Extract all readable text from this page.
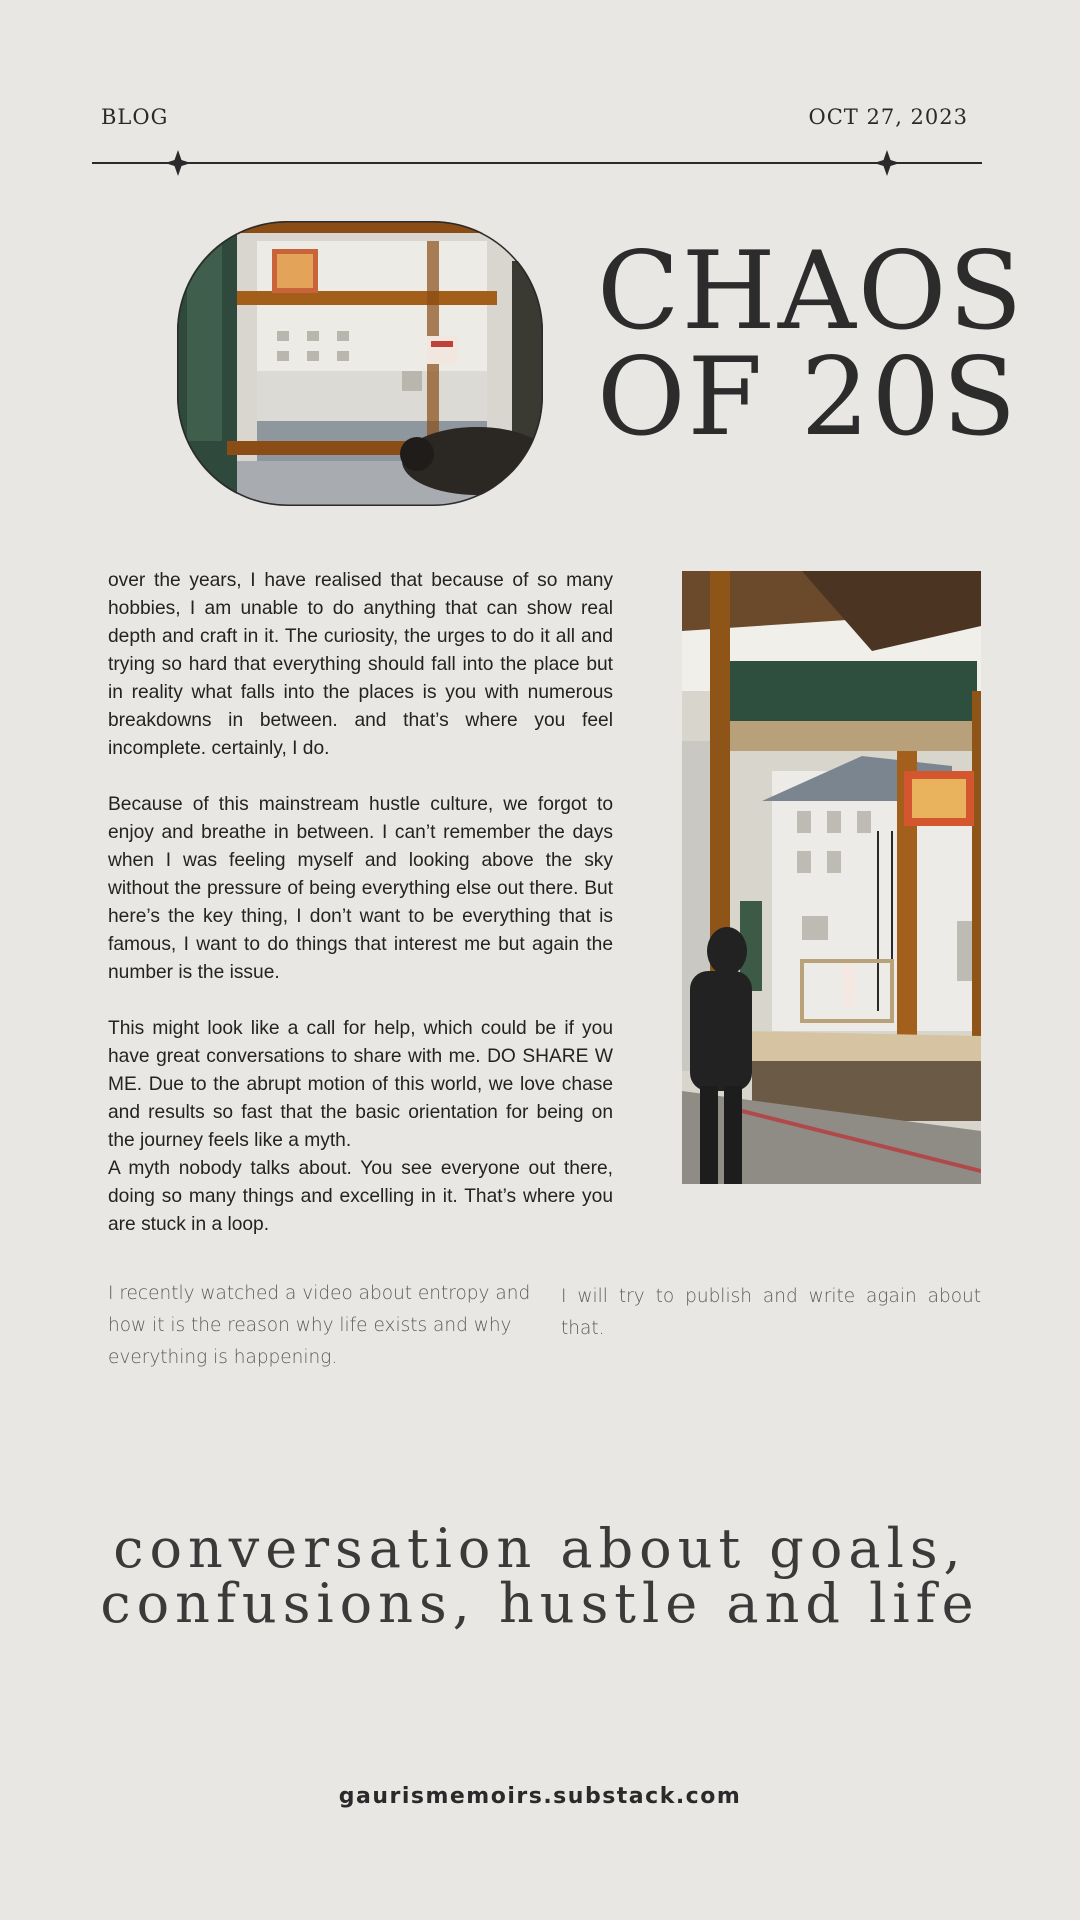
BLOG	OCT 27, 2023
CHAOS
OF 20S

over the years, I have realised that because of so many hobbies, I am unable to do anything that can show real depth and craft in it. The curiosity, the urges to do it all and trying so hard that everything should fall into the place but in reality what falls into the places is you with numerous breakdowns in between. and that’s where you feel incomplete. certainly, I do.

Because of this mainstream hustle culture, we forgot to enjoy and breathe in between. I can’t remember the days when I was feeling myself and looking above the sky without the pressure of being everything else out there. But here’s the key thing, I don’t want to be everything that is famous, I want to do things that interest me but again the number is the issue.

This might look like a call for help, which could be if you have great conversations to share with me. DO SHARE W ME. Due to the abrupt motion of this world, we love chase and results so fast that the basic orientation for being on the journey feels like a myth.

A myth nobody talks about. You see everyone out there, doing so many things and excelling in it. That’s where you are stuck in a loop.

I recently watched a video about entropy and how it is the reason why life exists and why everything is happening.
I will try to publish and write again about that.
conversation about goals,
confusions, hustle and life
gaurismemoirs.substack.com
